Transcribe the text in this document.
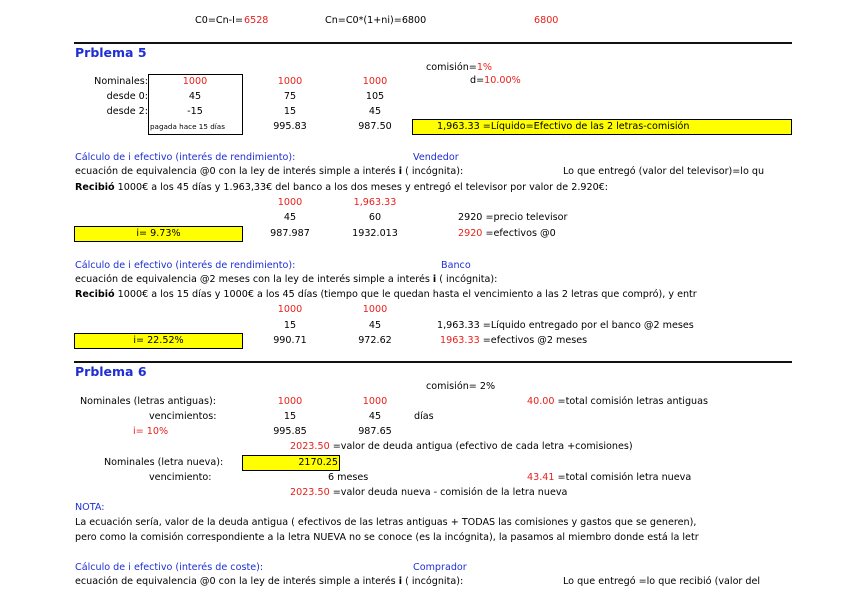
C0=Cn-I= 6528	Cn=C0*(1+ni)=6800	6800
Prblema 5
comisión=1%
d=10.00%
Nominales:	1000	1000	1000
desde 0:	45	75	105
desde 2:	-15	15	45
pagada hace 15 días	995.83	987.50	1,963.33 =Líquido=Efectivo de las 2 letras-comisión
Cálculo de i efectivo (interés de rendimiento):	Vendedor
ecuación de equivalencia @0 con la ley de interés simple a interés i ( incógnita):	Lo que entregó (valor del televisor)=lo qu
Recibió 1000€ a los 45 días y 1.963,33€ del banco a los dos meses y entregó el televisor por valor de 2.920€:
1000	1,963.33
45	60	2920 =precio televisor
i= 9.73%	987.987	1932.013	2920 =efectivos @0
Cálculo de i efectivo (interés de rendimiento):	Banco
ecuación de equivalencia @2 meses con la ley de interés simple a interés i ( incógnita):
Recibió 1000€ a los 15 días y 1000€ a los 45 días (tiempo que le quedan hasta el vencimiento a las 2 letras que compró), y entr
1000	1000
15	45	1,963.33 =Líquido entregado por el banco @2 meses
i= 22.52%	990.71	972.62	1963.33 =efectivos @2 meses
Prblema 6
comisión= 2%
Nominales (letras antiguas):	1000	1000	40.00 =total comisión letras antiguas
vencimientos:	15	45	días
i= 10%	995.85	987.65
2023.50 =valor de deuda antigua (efectivo de cada letra +comisiones)
Nominales (letra nueva):	2170.25
vencimiento:	6 meses	43.41 =total comisión letra nueva
2023.50 =valor deuda nueva - comisión de la letra nueva
NOTA:
La ecuación sería, valor de la deuda antigua ( efectivos de las letras antiguas + TODAS las comisiones y gastos que se generen),
pero como la comisión correspondiente a la letra NUEVA no se conoce (es la incógnita), la pasamos al miembro donde está la letr
Cálculo de i efectivo (interés de coste):	Comprador
ecuación de equivalencia @0 con la ley de interés simple a interés i ( incógnita):	Lo que entregó =lo que recibió (valor del
